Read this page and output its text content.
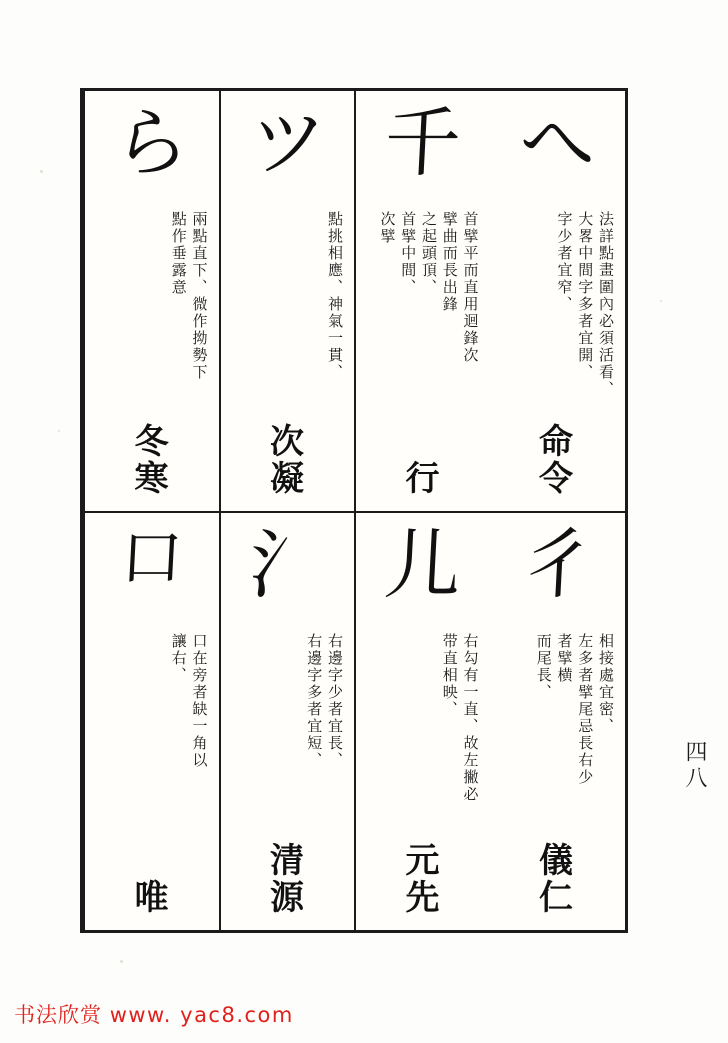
ら
兩點直下、微作拗勢下
點作垂露意
冬寒
ツ
點挑相應、神氣一貫、
次凝
千
首擘平而直用迴鋒次
擘曲而長出鋒
之起頭頂、
首擘中間、
次擘
行
へ
法詳點畫圍內必須活看、
大畧中間字多者宜開、
字少者宜窄、
命令
口
口在旁者缺一角以
讓右、
唯
氵
右邊字少者宜長、
右邊字多者宜短、
清源
儿
右勾有一直、故左撇必
带直相映、
元先
彳
相接處宜密、
左多者擘尾忌長右少
者擘横
而尾長、
儀仁
四八
书法欣赏 www. yac8.com
